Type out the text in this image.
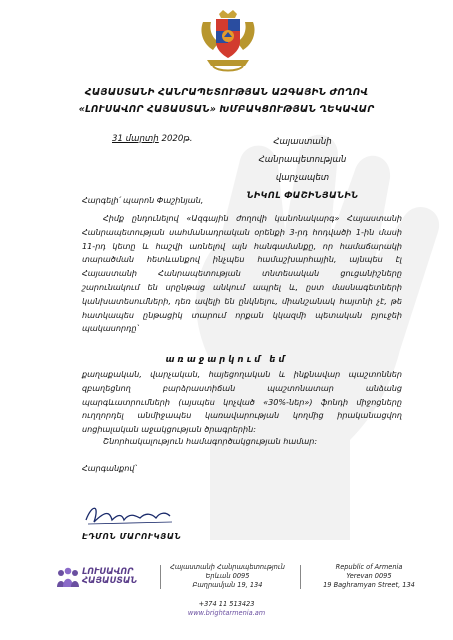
ՀԱՅԱՍՏԱՆԻ ՀԱՆՐԱՊԵՏՈՒԹՅԱՆ ԱԶԳԱՅԻՆ ԺՈՂՈՎ
«ԼՈՒՍԱՎՈՐ ՀԱՅԱՍՏԱՆ» ԽՄԲԱԿՑՈՒԹՅԱՆ ՂԵԿԱՎԱՐ
31 մարտի 2020թ.	Հայաստանի Հանրապետության
վարչապետ
ՆԻԿՈԼ ՓԱՇԻՆՅԱՆԻՆ
Հարգելի՛ պարոն Փաշինյան,
Հիմք ընդունելով «Ազգային ժողովի կանոնակարգ» Հայաստանի Հանրապետության սահմանադրական օրենքի 3-րդ հոդվածի 1-ին մասի 11-րդ կետը և հաշվի առնելով այն հանգամանքը, որ համաճարակի տարածման հետևանքով ինչպես համաշխարհային, այնպես էլ Հայաստանի Հանրապետության տնտեսական ցուցանիշները շարունակում են սրընթաց անկում ապրել և, ըստ մասնագետների կանխատեսումների, դեռ ավելի են ընկնելու, միանշանակ հայտնի չէ, թե հատկապես ընթացիկ տարում որքան կկազմի պետական բյուջեի պակասորդը՝
առաջարկում եմ
քաղաքական, վարչական, հայեցողական և ինքնավար պաշտոններ զբաղեցնող բարձրաստիճան պաշտոնատար անձանց պարգևատրումների (այսպես կոչված «30%-ներ») ֆոնդի միջոցները ուղղորդել անմիջապես կառավարության կողմից իրականացվող սոցիալական աջակցության ծրագրերին:
Շնորհակալություն համագործակցության համար:
Հարգանքով՝
ԷԴՄՈՆ ՄԱՐՈՒԿՅԱՆ
ԼՈՒՍԱՎՈՐ
ՀԱՅԱՍՏԱՆ
Հայաստանի Հանրապետություն
Երևան 0095
Բաղրամյան 19, 134
Republic of Armenia
Yerevan 0095
19 Baghramyan Street, 134
+374 11 513423
www.brightarmenia.am
